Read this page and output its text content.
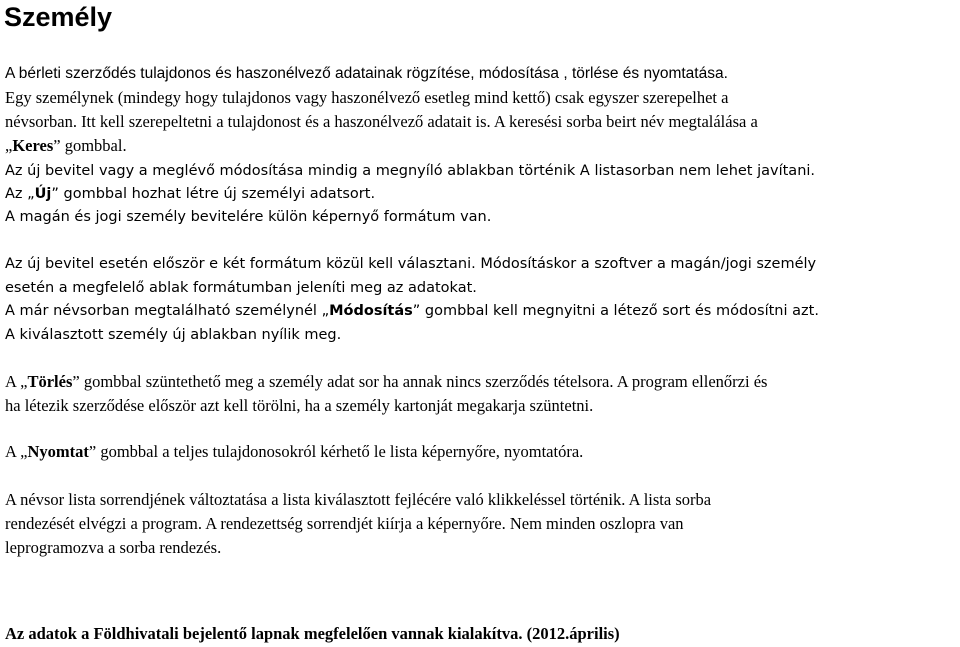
Személy

A bérleti szerződés tulajdonos és haszonélvező adatainak rögzítése, módosítása , törlése és nyomtatása.

Egy személynek (mindegy hogy tulajdonos vagy haszonélvező esetleg mind kettő) csak egyszer szerepelhet a

névsorban. Itt kell szerepeltetni a tulajdonost és a haszonélvező adatait is. A keresési sorba beirt név megtalálása a

„Keres” gombbal.

Az új bevitel vagy a meglévő módosítása mindig a megnyíló ablakban történik A listasorban nem lehet javítani.

Az „Új” gombbal hozhat létre új személyi adatsort.

A magán és jogi személy bevitelére külön képernyő formátum van.

Az új bevitel esetén először e két formátum közül kell választani. Módosításkor a szoftver a magán/jogi személy

esetén a megfelelő ablak formátumban jeleníti meg az adatokat.

A már névsorban megtalálható személynél „Módosítás” gombbal kell megnyitni a létező sort és módosítni azt.

A kiválasztott személy új ablakban nyílik meg.

A „Törlés” gombbal szüntethető meg a személy adat sor ha annak nincs szerződés tételsora. A program ellenőrzi és

ha létezik szerződése először azt kell törölni, ha a személy kartonját megakarja szüntetni.

A „Nyomtat” gombbal a teljes tulajdonosokról kérhető le lista képernyőre, nyomtatóra.

A névsor lista sorrendjének változtatása a lista kiválasztott fejlécére való klikkeléssel történik. A lista sorba

rendezését elvégzi a program. A rendezettség sorrendjét kiírja a képernyőre. Nem minden oszlopra van

leprogramozva a sorba rendezés.

Az adatok a Földhivatali bejelentő lapnak megfelelően vannak kialakítva. (2012.április)
